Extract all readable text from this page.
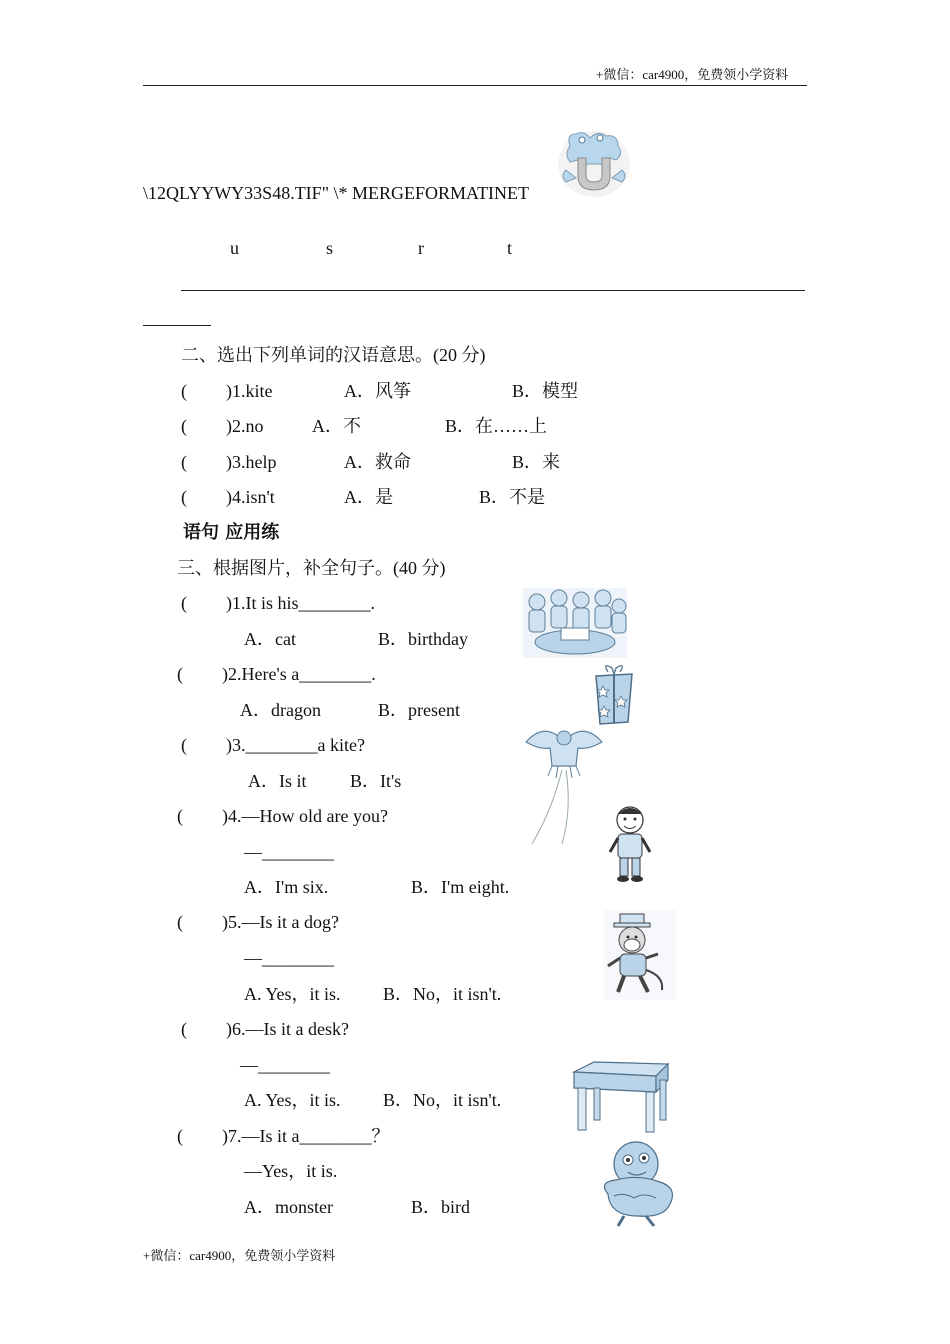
+微信：car4900，免费领小学资料
\12QLYYWY33S48.TIF" \* MERGEFORMATINET
u	s	r	t
二、选出下列单词的汉语意思。(20 分)
( )1.kite	A．风筝	B．模型
( )2.no	A．不	B．在……上
( )3.help	A．救命	B．来
( )4.isn't	A．是	B．不是
语句 应用练
三、根据图片，补全句子。(40 分)
( )1.It is his________.
A．cat	B．birthday
( )2.Here's a________.
A．dragon	B．present
( )3.________a kite?
A．Is it B．It's
( )4.—How old are you?
—________
A．I'm six.	B．I'm eight.
( )5.—Is it a dog?
—________
A. Yes，it is. B．No，it isn't.
( )6.—Is it a desk?
—________
A. Yes，it is. B．No，it isn't.
( )7.—Is it a________？
—Yes，it is.
A．monster	B．bird
+微信：car4900，免费领小学资料
